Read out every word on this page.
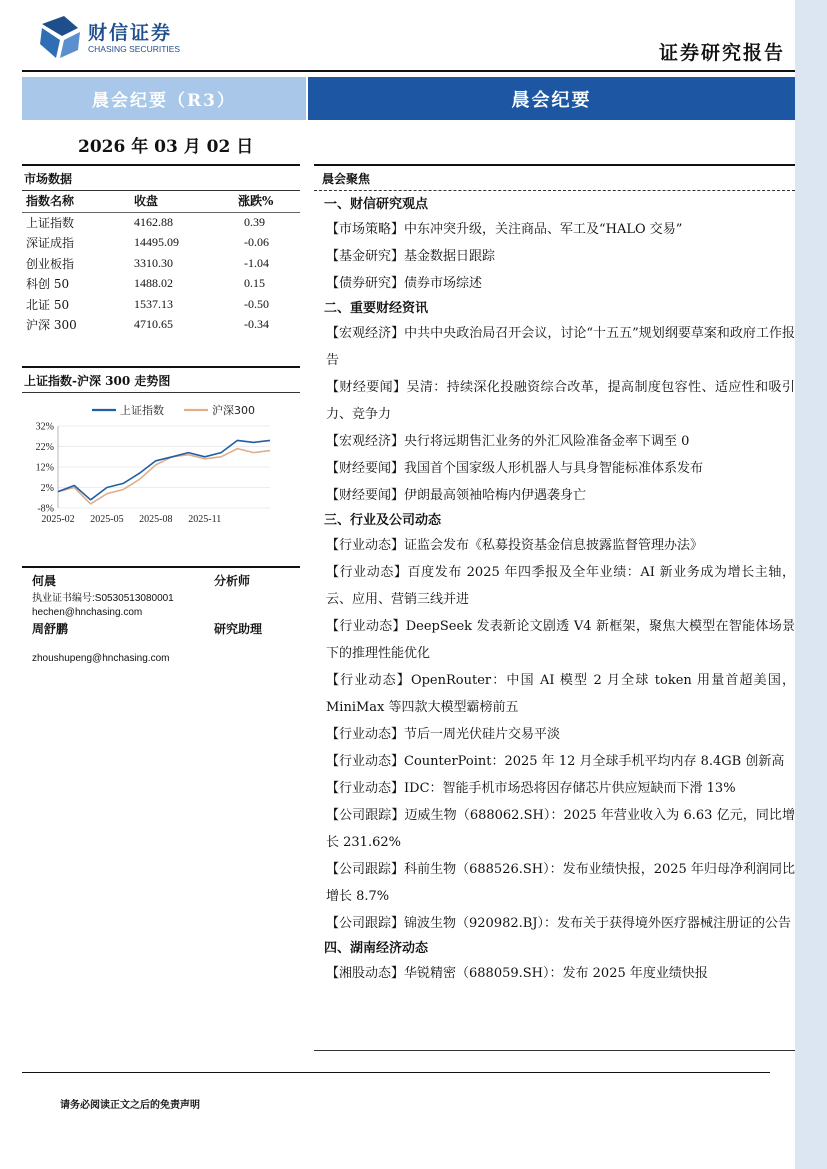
财信证券
CHASING SECURITIES	证券研究报告
晨会纪要（R3）	晨会纪要
2026 年 03 月 02 日
市场数据
指数名称	收盘	涨跌%
上证指数	4162.88	0.39
深证成指	14495.09	-0.06
创业板指	3310.30	-1.04
科创 50	1488.02	0.15
北证 50	1537.13	-0.50
沪深 300	4710.65	-0.34
上证指数-沪深 300 走势图
32%
22%
12%
2%
-8%
2025-02 2025-05 2025-08 2025-11
上证指数	沪深300
何晨	分析师
执业证书编号:S0530513080001
hechen@hnchasing.com
周舒鹏	研究助理
zhoushupeng@hnchasing.com
晨会聚焦
一、财信研究观点
【市场策略】中东冲突升级，关注商品、军工及“HALO 交易”
【基金研究】基金数据日跟踪
【债券研究】债券市场综述
二、重要财经资讯
【宏观经济】中共中央政治局召开会议，讨论“十五五”规划纲要草案和政府工作报告
【财经要闻】吴清：持续深化投融资综合改革，提高制度包容性、适应性和吸引力、竞争力
【宏观经济】央行将远期售汇业务的外汇风险准备金率下调至 0
【财经要闻】我国首个国家级人形机器人与具身智能标准体系发布
【财经要闻】伊朗最高领袖哈梅内伊遇袭身亡
三、行业及公司动态
【行业动态】证监会发布《私募投资基金信息披露监督管理办法》
【行业动态】百度发布 2025 年四季报及全年业绩：AI 新业务成为增长主轴，云、应用、营销三线并进
【行业动态】DeepSeek 发表新论文剧透 V4 新框架，聚焦大模型在智能体场景下的推理性能优化
【行业动态】OpenRouter：中国 AI 模型 2 月全球 token 用量首超美国，MiniMax 等四款大模型霸榜前五
【行业动态】节后一周光伏硅片交易平淡
【行业动态】CounterPoint：2025 年 12 月全球手机平均内存 8.4GB 创新高
【行业动态】IDC：智能手机市场恐将因存储芯片供应短缺而下滑 13%
【公司跟踪】迈威生物（688062.SH）：2025 年营业收入为 6.63 亿元，同比增长 231.62%
【公司跟踪】科前生物（688526.SH）：发布业绩快报，2025 年归母净利润同比增长 8.7%
【公司跟踪】锦波生物（920982.BJ）：发布关于获得境外医疗器械注册证的公告
四、湖南经济动态
【湘股动态】华锐精密（688059.SH）：发布 2025 年度业绩快报
请务必阅读正文之后的免责声明
